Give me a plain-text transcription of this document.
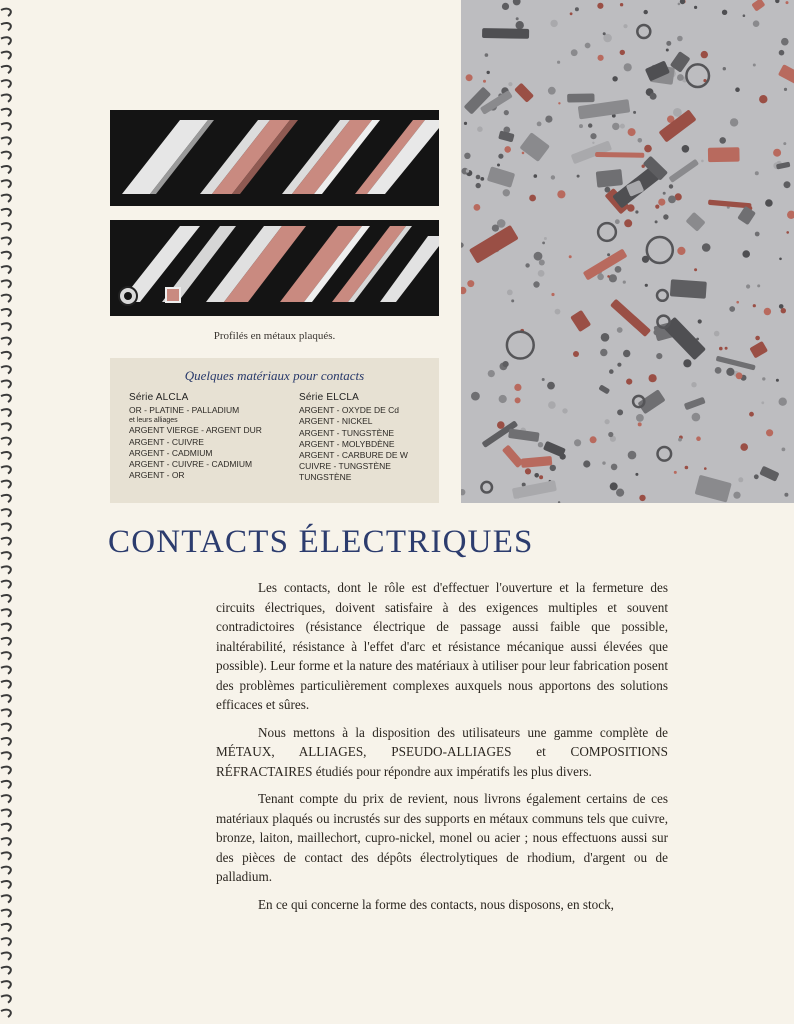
Profilés en métaux plaqués.
Quelques matériaux pour contacts
Série ALCLA
OR - PLATINE - PALLADIUM
et leurs alliages
ARGENT VIERGE - ARGENT DUR
ARGENT - CUIVRE
ARGENT - CADMIUM
ARGENT - CUIVRE - CADMIUM
ARGENT - OR
Série ELCLA
ARGENT - OXYDE DE Cd
ARGENT - NICKEL
ARGENT - TUNGSTÈNE
ARGENT - MOLYBDÈNE
ARGENT - CARBURE DE W
CUIVRE - TUNGSTÈNE
TUNGSTÈNE
CONTACTS ÉLECTRIQUES

Les contacts, dont le rôle est d'effectuer l'ouverture et la fermeture des circuits électriques, doivent satisfaire à des exigences multiples et souvent contradictoires (résistance électrique de passage aussi faible que possible, inaltérabilité, résistance à l'effet d'arc et résistance mécanique aussi élevées que possible). Leur forme et la nature des matériaux à utiliser pour leur fabrication posent des problèmes particulièrement complexes auxquels nous apportons des solutions efficaces et sûres.

Nous mettons à la disposition des utilisateurs une gamme complète de MÉTAUX, ALLIAGES, PSEUDO-ALLIAGES et COMPOSITIONS RÉFRACTAIRES étudiés pour répondre aux impératifs les plus divers.

Tenant compte du prix de revient, nous livrons également certains de ces matériaux plaqués ou incrustés sur des supports en métaux communs tels que cuivre, bronze, laiton, maillechort, cupro-nickel, monel ou acier ; nous effectuons aussi sur des pièces de contact des dépôts électrolytiques de rhodium, d'argent ou de palladium.

En ce qui concerne la forme des contacts, nous disposons, en stock,
